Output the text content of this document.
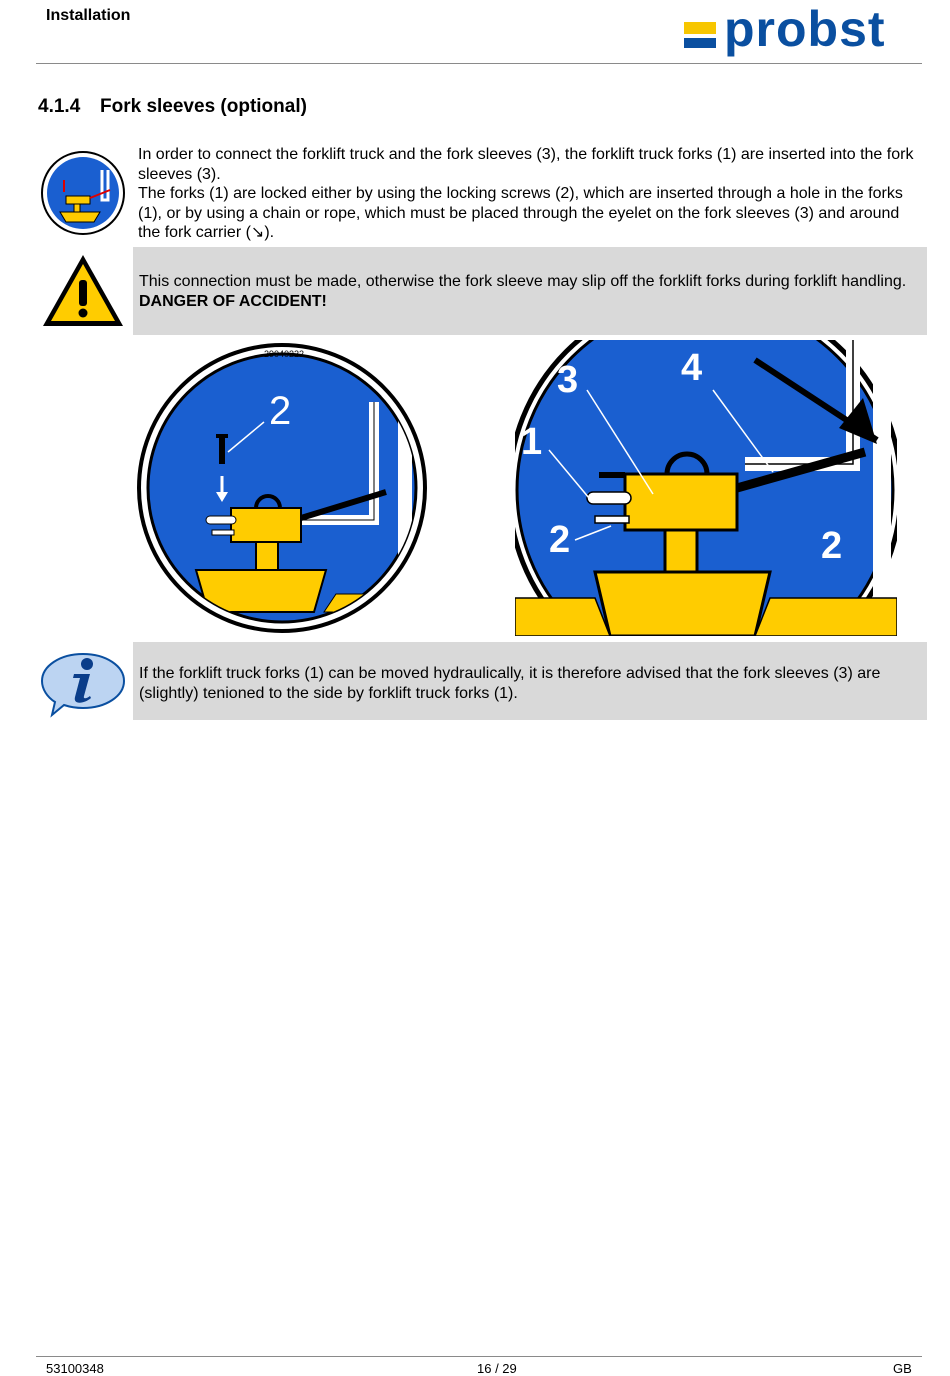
Installation	probst
4.1.4 Fork sleeves (optional)
In order to connect the forklift truck and the fork sleeves (3), the forklift truck forks (1) are inserted into the fork sleeves (3).
The forks (1) are locked either by using the locking screws (2), which are inserted through a hole in the forks (1), or by using a chain or rope, which must be placed through the eyelet on the fork sleeves (3) and around the fork carrier (↘).
This connection must be made, otherwise the fork sleeve may slip off the forklift forks during forklift handling. DANGER OF ACCIDENT!
29040222
2
3	4
1
2	2
If the forklift truck forks (1) can be moved hydraulically, it is therefore advised that the fork sleeves (3) are (slightly) tenioned to the side by forklift truck forks (1).
53100348	16 / 29	GB
